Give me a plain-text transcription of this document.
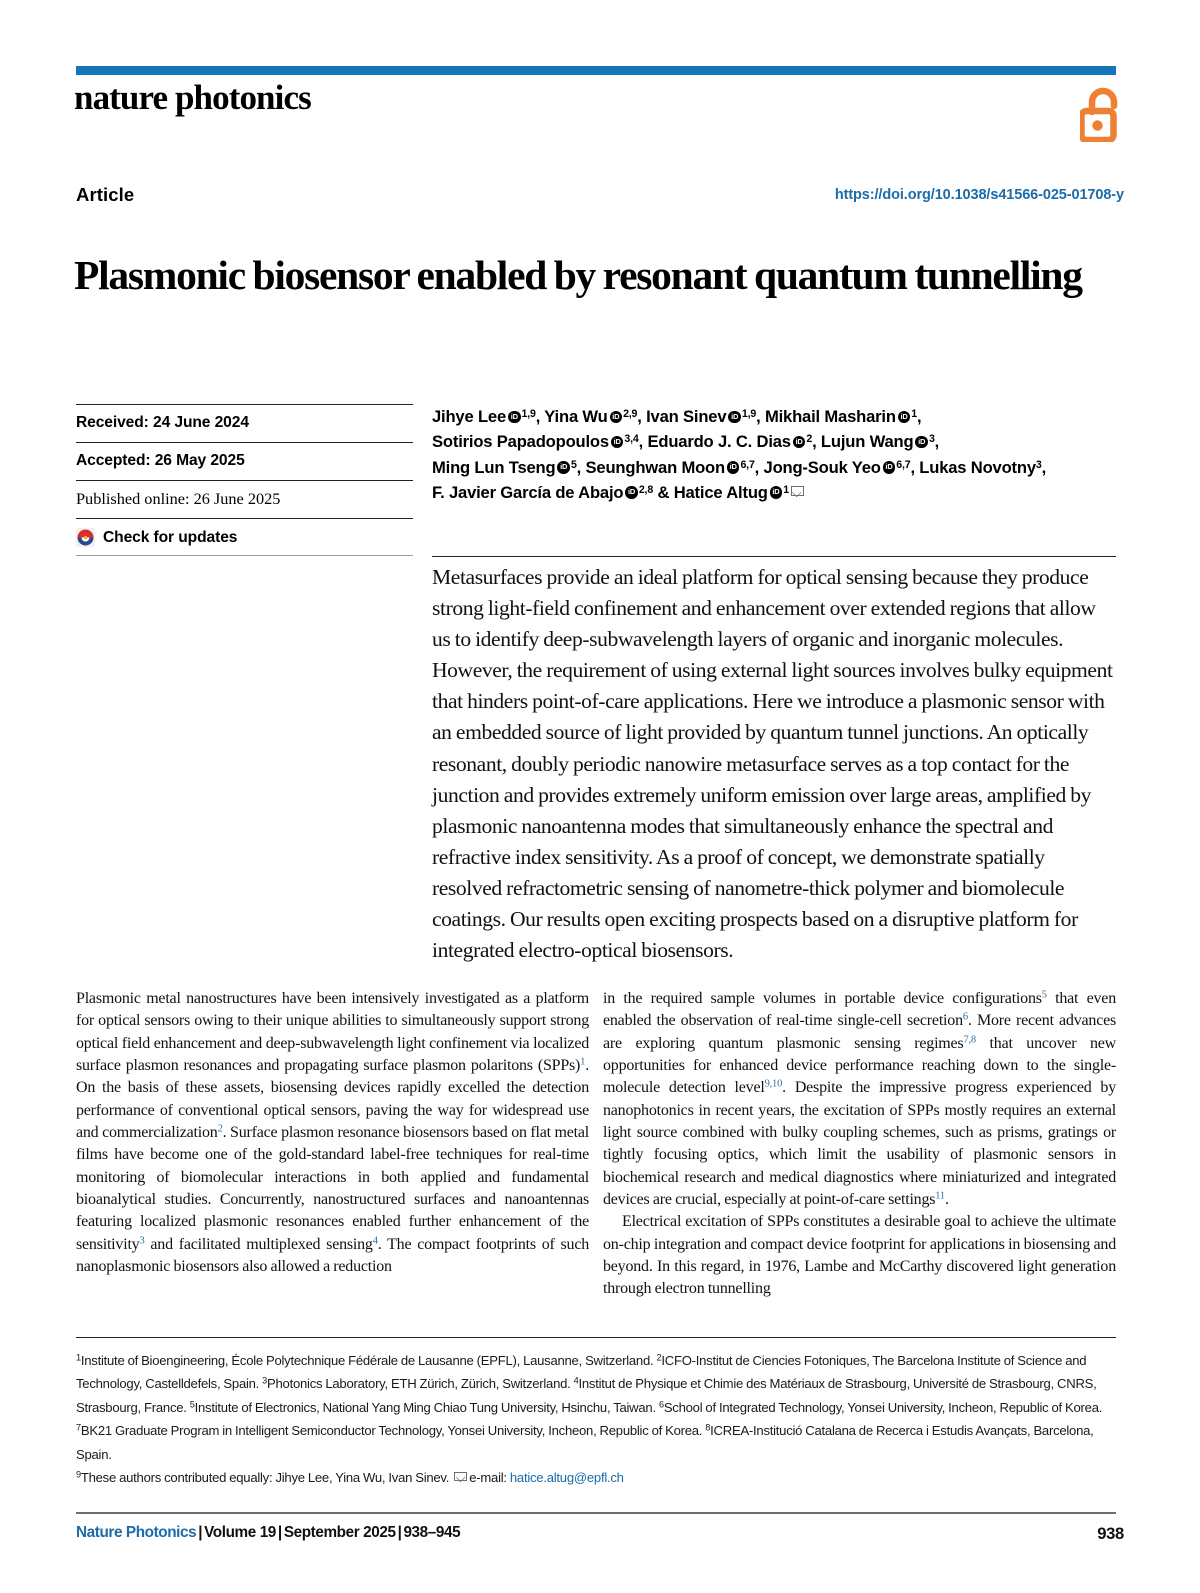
nature photonics
Article	https://doi.org/10.1038/s41566-025-01708-y
Plasmonic biosensor enabled by resonant quantum tunnelling
Received: 24 June 2024
Accepted: 26 May 2025
Published online: 26 June 2025
Check for updates
Jihye Lee iD $^{1,9}$, Yina Wu iD $^{2,9}$, Ivan Sinev iD $^{1,9}$, Mikhail Masharin iD $^1$,
Sotirios Papadopoulos iD $^{3,4}$, Eduardo J. C. Dias iD $^2$, Lujun Wang iD $^3$,
Ming Lun Tseng iD $^5$, Seunghwan Moon iD $^{6,7}$, Jong-Souk Yeo iD $^{6,7}$, Lukas Novotny$^3$,
F. Javier García de Abajo iD $^{2,8}$ & Hatice Altug iD $^1$
Metasurfaces provide an ideal platform for optical sensing because they produce strong light-field confinement and enhancement over extended regions that allow us to identify deep-subwavelength layers of organic and inorganic molecules. However, the requirement of using external light sources involves bulky equipment that hinders point-of-care applications. Here we introduce a plasmonic sensor with an embedded source of light provided by quantum tunnel junctions. An optically resonant, doubly periodic nanowire metasurface serves as a top contact for the junction and provides extremely uniform emission over large areas, amplified by plasmonic nanoantenna modes that simultaneously enhance the spectral and refractive index sensitivity. As a proof of concept, we demonstrate spatially resolved refractometric sensing of nanometre-thick polymer and biomolecule coatings. Our results open exciting prospects based on a disruptive platform for integrated electro-optical biosensors.

Plasmonic metal nanostructures have been intensively investigated as a platform for optical sensors owing to their unique abilities to simultaneously support strong optical field enhancement and deep-subwavelength light confinement via localized surface plasmon resonances and propagating surface plasmon polaritons (SPPs)$^1$. On the basis of these assets, biosensing devices rapidly excelled the detection performance of conventional optical sensors, paving the way for widespread use and commercialization$^2$. Surface plasmon resonance biosensors based on flat metal films have become one of the gold-standard label-free techniques for real-time monitoring of biomolecular interactions in both applied and fundamental bioanalytical studies. Concurrently, nanostructured surfaces and nanoantennas featuring localized plasmonic resonances enabled further enhancement of the sensitivity$^3$ and facilitated multiplexed sensing$^4$. The compact footprints of such nanoplasmonic biosensors also allowed a reduction

in the required sample volumes in portable device configurations$^5$ that even enabled the observation of real-time single-cell secretion$^6$. More recent advances are exploring quantum plasmonic sensing regimes$^{7,8}$ that uncover new opportunities for enhanced device performance reaching down to the single-molecule detection level$^{9,10}$. Despite the impressive progress experienced by nanophotonics in recent years, the excitation of SPPs mostly requires an external light source combined with bulky coupling schemes, such as prisms, gratings or tightly focusing optics, which limit the usability of plasmonic sensors in biochemical research and medical diagnostics where miniaturized and integrated devices are crucial, especially at point-of-care settings$^{11}$.

Electrical excitation of SPPs constitutes a desirable goal to achieve the ultimate on-chip integration and compact device footprint for applications in biosensing and beyond. In this regard, in 1976, Lambe and McCarthy discovered light generation through electron tunnelling

$^1$Institute of Bioengineering, École Polytechnique Fédérale de Lausanne (EPFL), Lausanne, Switzerland. $^2$ICFO-Institut de Ciencies Fotoniques, The Barcelona Institute of Science and Technology, Castelldefels, Spain. $^3$Photonics Laboratory, ETH Zürich, Zürich, Switzerland. $^4$Institut de Physique et Chimie des Matériaux de Strasbourg, Université de Strasbourg, CNRS, Strasbourg, France. $^5$Institute of Electronics, National Yang Ming Chiao Tung University, Hsinchu, Taiwan. $^6$School of Integrated Technology, Yonsei University, Incheon, Republic of Korea. $^7$BK21 Graduate Program in Intelligent Semiconductor Technology, Yonsei University, Incheon, Republic of Korea. $^8$ICREA-Institució Catalana de Recerca i Estudis Avançats, Barcelona, Spain.
$^9$These authors contributed equally: Jihye Lee, Yina Wu, Ivan Sinev. e-mail: hatice.altug@epfl.ch
Nature Photonics | Volume 19 | September 2025 | 938–945	938
